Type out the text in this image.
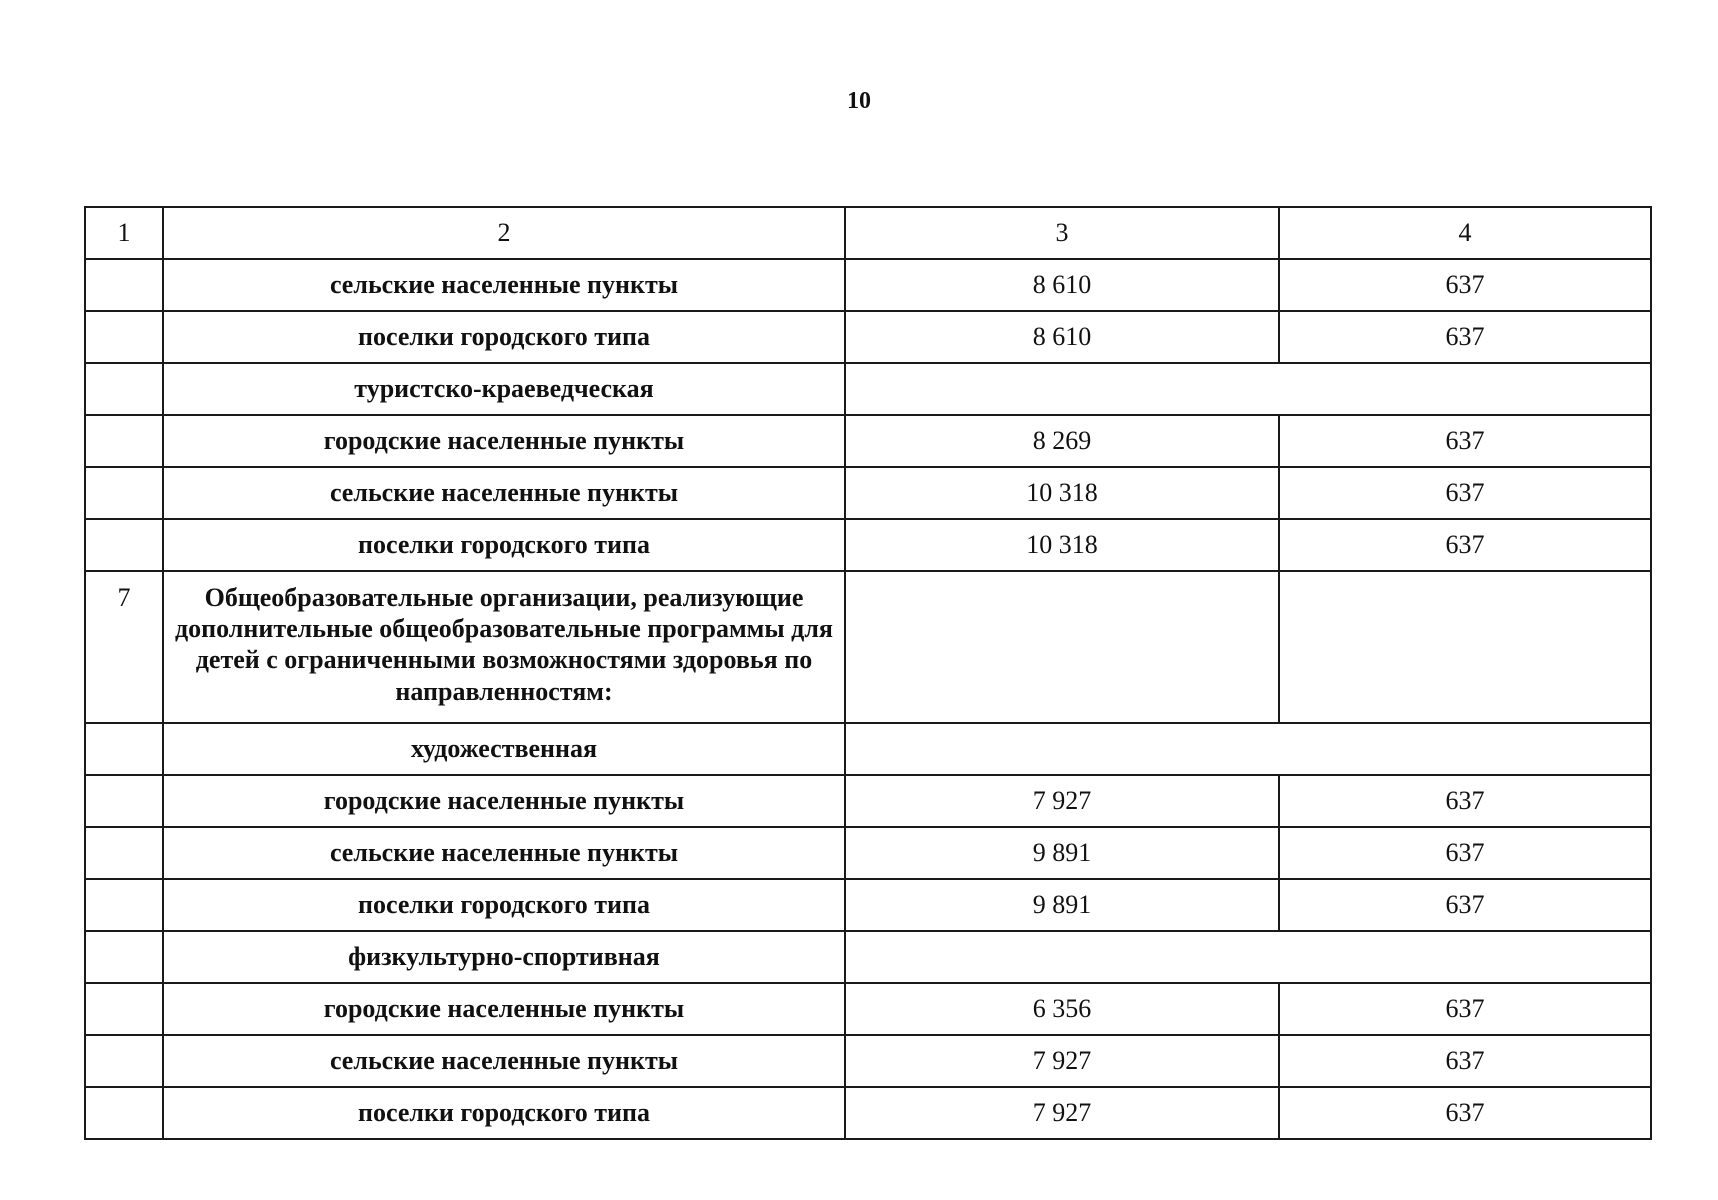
10
1	2	3	4
	сельские населенные пункты	8 610	637
	поселки городского типа	8 610	637
	туристско-краеведческая		
	городские населенные пункты	8 269	637
	сельские населенные пункты	10 318	637
	поселки городского типа	10 318	637
7	Общеобразовательные организации, реализующие дополнительные общеобразовательные программы для детей с ограниченными возможностями здоровья по направленностям:		
	художественная		
	городские населенные пункты	7 927	637
	сельские населенные пункты	9 891	637
	поселки городского типа	9 891	637
	физкультурно-спортивная		
	городские населенные пункты	6 356	637
	сельские населенные пункты	7 927	637
	поселки городского типа	7 927	637
